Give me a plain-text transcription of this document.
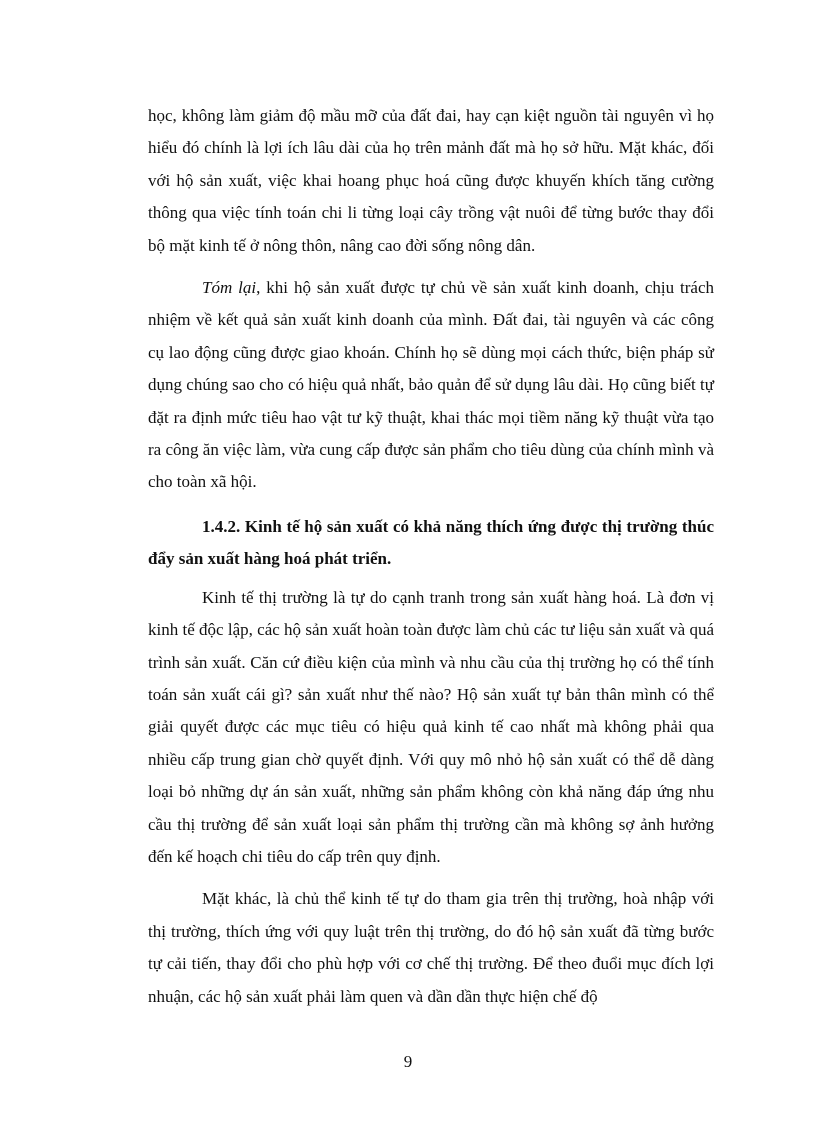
học, không làm giảm độ mầu mỡ của đất đai, hay cạn kiệt nguồn tài nguyên vì họ hiểu đó chính là lợi ích lâu dài của họ trên mảnh đất mà họ sở hữu. Mặt khác, đối với hộ sản xuất, việc khai hoang phục hoá cũng được khuyến khích tăng cường thông qua việc tính toán chi li từng loại cây trồng vật nuôi để từng bước thay đổi bộ mặt kinh tế ở nông thôn, nâng cao đời sống nông dân.

Tóm lại, khi hộ sản xuất được tự chủ về sản xuất kinh doanh, chịu trách nhiệm về kết quả sản xuất kinh doanh của mình. Đất đai, tài nguyên và các công cụ lao động cũng được giao khoán. Chính họ sẽ dùng mọi cách thức, biện pháp sử dụng chúng sao cho có hiệu quả nhất, bảo quản để sử dụng lâu dài. Họ cũng biết tự đặt ra định mức tiêu hao vật tư kỹ thuật, khai thác mọi tiềm năng kỹ thuật vừa tạo ra công ăn việc làm, vừa cung cấp được sản phẩm cho tiêu dùng của chính mình và cho toàn xã hội.

1.4.2. Kinh tế hộ sản xuất có khả năng thích ứng được thị trường thúc đẩy sản xuất hàng hoá phát triển.

Kinh tế thị trường là tự do cạnh tranh trong sản xuất hàng hoá. Là đơn vị kinh tế độc lập, các hộ sản xuất hoàn toàn được làm chủ các tư liệu sản xuất và quá trình sản xuất. Căn cứ điều kiện của mình và nhu cầu của thị trường họ có thể tính toán sản xuất cái gì? sản xuất như thế nào? Hộ sản xuất tự bản thân mình có thể giải quyết được các mục tiêu có hiệu quả kinh tế cao nhất mà không phải qua nhiều cấp trung gian chờ quyết định. Với quy mô nhỏ hộ sản xuất có thể dễ dàng loại bỏ những dự án sản xuất, những sản phẩm không còn khả năng đáp ứng nhu cầu thị trường để sản xuất loại sản phẩm thị trường cần mà không sợ ảnh hưởng đến kế hoạch chi tiêu do cấp trên quy định.

Mặt khác, là chủ thể kinh tế tự do tham gia trên thị trường, hoà nhập với thị trường, thích ứng với quy luật trên thị trường, do đó hộ sản xuất đã từng bước tự cải tiến, thay đổi cho phù hợp với cơ chế thị trường. Để theo đuổi mục đích lợi nhuận, các hộ sản xuất phải làm quen và dần dần thực hiện chế độ

9
